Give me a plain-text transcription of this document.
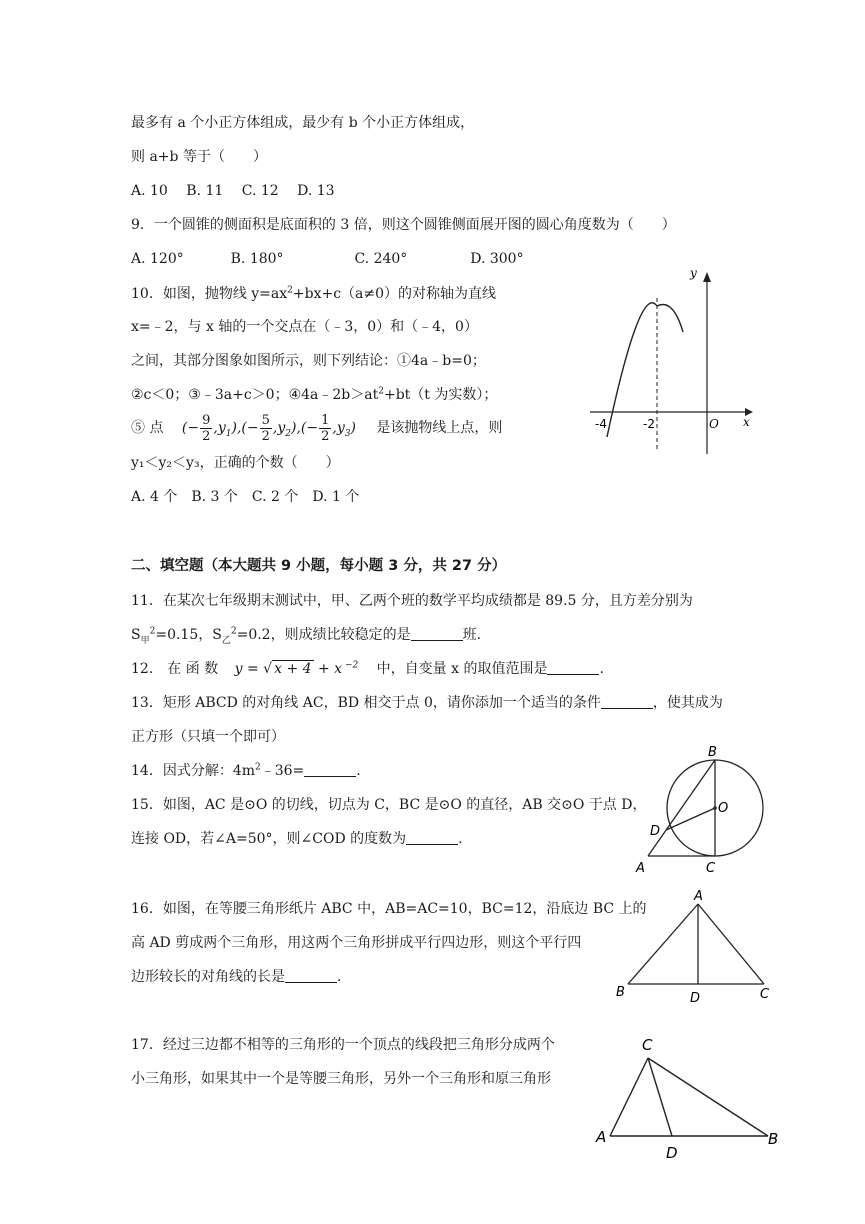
最多有 a 个小正方体组成，最少有 b 个小正方体组成，
则 a+b 等于（　　）
A. 10　 B. 11　 C. 12　 D. 13
9．一个圆锥的侧面积是底面积的 3 倍，则这个圆锥侧面展开图的圆心角度数为（　　）
A. 120°	B. 180°	C. 240°	D. 300°
10．如图，抛物线 $y=ax^2+bx+c(a\ne 0)$的对称轴为直线
x=﹣2，与 x 轴的一个交点在（﹣3，0）和（﹣4，0）
之间，其部分图象如图所示，则下列结论：①4a﹣b=0；
②c＜0；③﹣3a+c＞0；$④4a﹣2b>at^2+bt(t$ 为实数）；
⑤ 点 (− $\frac{9}{2} ,y_1),(- \frac{5}{2} ,y_2),(- \frac{1}{2} ,y_3)$ 是该抛物线上点，则
y₁＜y₂＜y₃，正确的个数（　　）
A. 4 个　B. 3 个　C. 2 个　D. 1 个
y
x
-4	-2	O
二、填空题（本大题共 9 小题，每小题 3 分，共 27 分）
11．在某次七年级期末测试中，甲、乙两个班的数学平均成绩都是 89.5 分，且方差分别为
$S_甲^2=0.15$，$S_乙^2=0.2$，则成绩比较稳定的是	班.
12． 在 函 数 y = √ x + 4 + x $^{-2}$ 　中，自变量 x 的取值范围是	.
13．矩形 ABCD 的对角线 AC，BD 相交于点 0，请你添加一个适当的条件	，使其成为
正方形（只填一个即可）
14．因式分解：$4m^2﹣36=$	.
15．如图，AC 是⊙O 的切线，切点为 C，BC 是⊙O 的直径，AB 交⊙O 于点 D，
连接 OD，若∠A=50°，则∠COD 的度数为	.
B
O
D
A	C
16．如图，在等腰三角形纸片 ABC 中，AB=AC=10，BC=12，沿底边 BC 上的
高 AD 剪成两个三角形，用这两个三角形拼成平行四边形，则这个平行四
边形较长的对角线的长是	.
A
B	D	C
17．经过三边都不相等的三角形的一个顶点的线段把三角形分成两个
小三角形，如果其中一个是等腰三角形，另外一个三角形和原三角形
C
A
D
B
